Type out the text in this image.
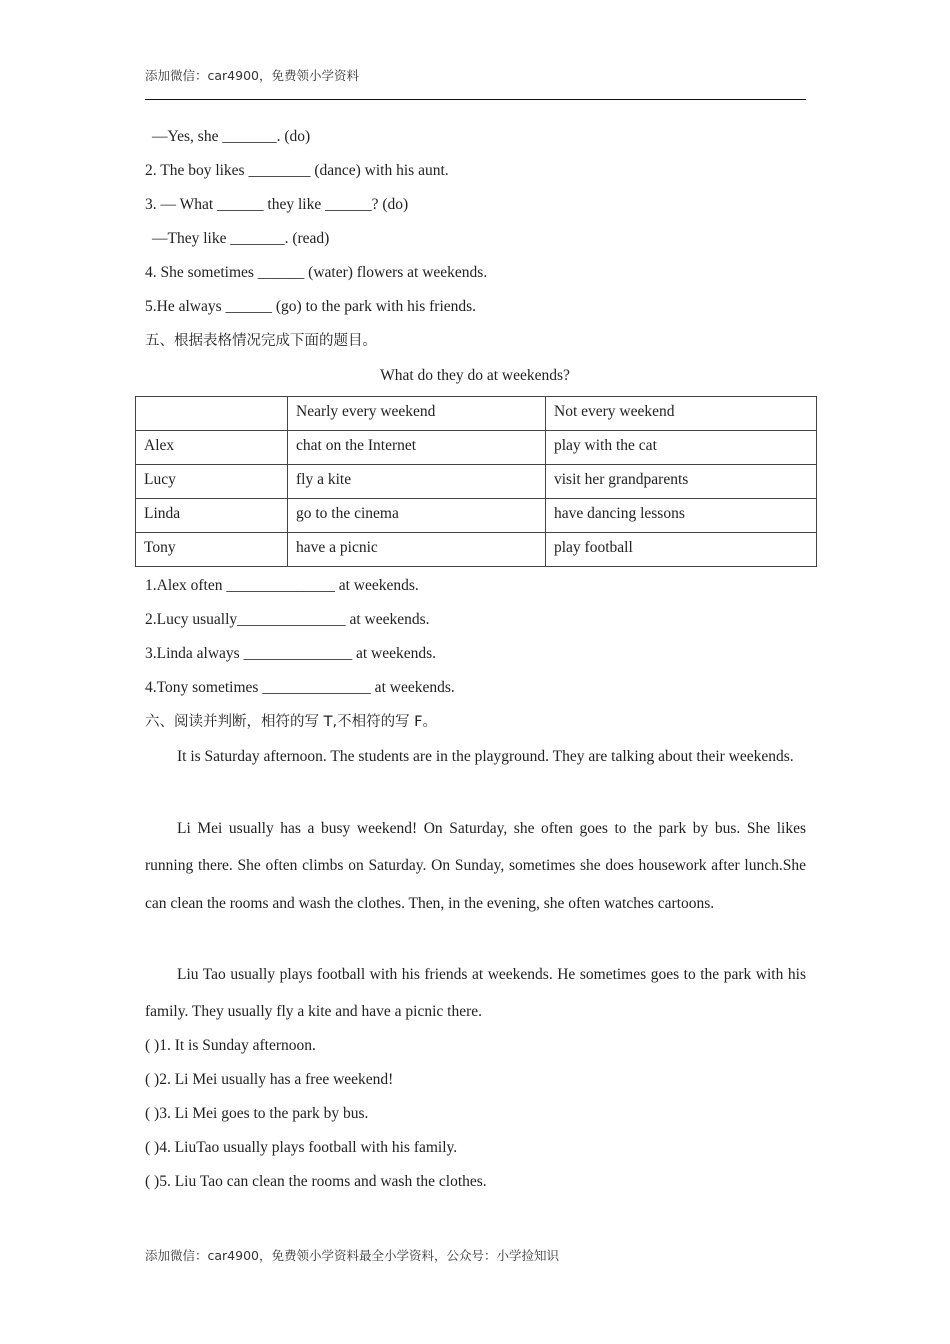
添加微信：car4900，免费领小学资料
—Yes, she _______. (do)
2. The boy likes ________ (dance) with his aunt.
3. — What ______ they like ______? (do)
—They like _______. (read)
4. She sometimes ______ (water) flowers at weekends.
5.He always ______ (go) to the park with his friends.
五、根据表格情况完成下面的题目。
What do they do at weekends?
	Nearly every weekend	Not every weekend
Alex	chat on the Internet	play with the cat
Lucy	fly a kite	visit her grandparents
Linda	go to the cinema	have dancing lessons
Tony	have a picnic	play football
1.Alex often ______________ at weekends.
2.Lucy usually______________ at weekends.
3.Linda always ______________ at weekends.
4.Tony sometimes ______________ at weekends.
六、阅读并判断，相符的写 T,不相符的写 F。
It is Saturday afternoon. The students are in the playground. They are talking about their weekends.
Li Mei usually has a busy weekend! On Saturday, she often goes to the park by bus. She likes running there. She often climbs on Saturday. On Sunday, sometimes she does housework after lunch.She can clean the rooms and wash the clothes. Then, in the evening, she often watches cartoons.
Liu Tao usually plays football with his friends at weekends. He sometimes goes to the park with his family. They usually fly a kite and have a picnic there.
( )1. It is Sunday afternoon.
( )2. Li Mei usually has a free weekend!
( )3. Li Mei goes to the park by bus.
( )4. LiuTao usually plays football with his family.
( )5. Liu Tao can clean the rooms and wash the clothes.
添加微信：car4900，免费领小学资料最全小学资料，公众号：小学捡知识
